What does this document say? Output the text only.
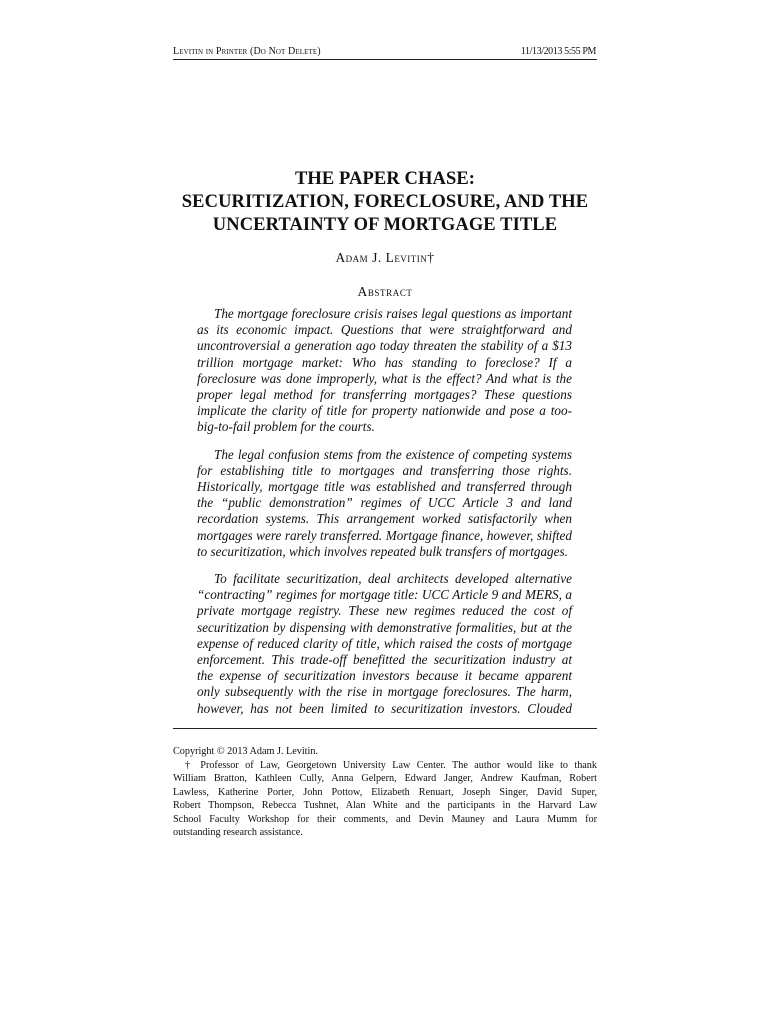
Levitin in Printer (Do Not Delete)	11/13/2013 5:55 PM
THE PAPER CHASE:
SECURITIZATION, FORECLOSURE, AND THE
UNCERTAINTY OF MORTGAGE TITLE
Adam J. Levitin†
Abstract

The mortgage foreclosure crisis raises legal questions as important
as its economic impact. Questions that were straightforward and
uncontroversial a generation ago today threaten the stability of a $13
trillion mortgage market: Who has standing to foreclose? If a
foreclosure was done improperly, what is the effect? And what is the
proper legal method for transferring mortgages? These questions
implicate the clarity of title for property nationwide and pose a too-
big-to-fail problem for the courts.

The legal confusion stems from the existence of competing systems
for establishing title to mortgages and transferring those rights.
Historically, mortgage title was established and transferred through
the “public demonstration” regimes of UCC Article 3 and land
recordation systems. This arrangement worked satisfactorily when
mortgages were rarely transferred. Mortgage finance, however, shifted
to securitization, which involves repeated bulk transfers of mortgages.

To facilitate securitization, deal architects developed alternative
“contracting” regimes for mortgage title: UCC Article 9 and MERS, a
private mortgage registry. These new regimes reduced the cost of
securitization by dispensing with demonstrative formalities, but at the
expense of reduced clarity of title, which raised the costs of mortgage
enforcement. This trade-off benefitted the securitization industry at
the expense of securitization investors because it became apparent
only subsequently with the rise in mortgage foreclosures. The harm,
however, has not been limited to securitization investors. Clouded

Copyright © 2013 Adam J. Levitin.

† Professor of Law, Georgetown University Law Center. The author would like to thank
William Bratton, Kathleen Cully, Anna Gelpern, Edward Janger, Andrew Kaufman, Robert
Lawless, Katherine Porter, John Pottow, Elizabeth Renuart, Joseph Singer, David Super,
Robert Thompson, Rebecca Tushnet, Alan White and the participants in the Harvard Law
School Faculty Workshop for their comments, and Devin Mauney and Laura Mumm for
outstanding research assistance.
